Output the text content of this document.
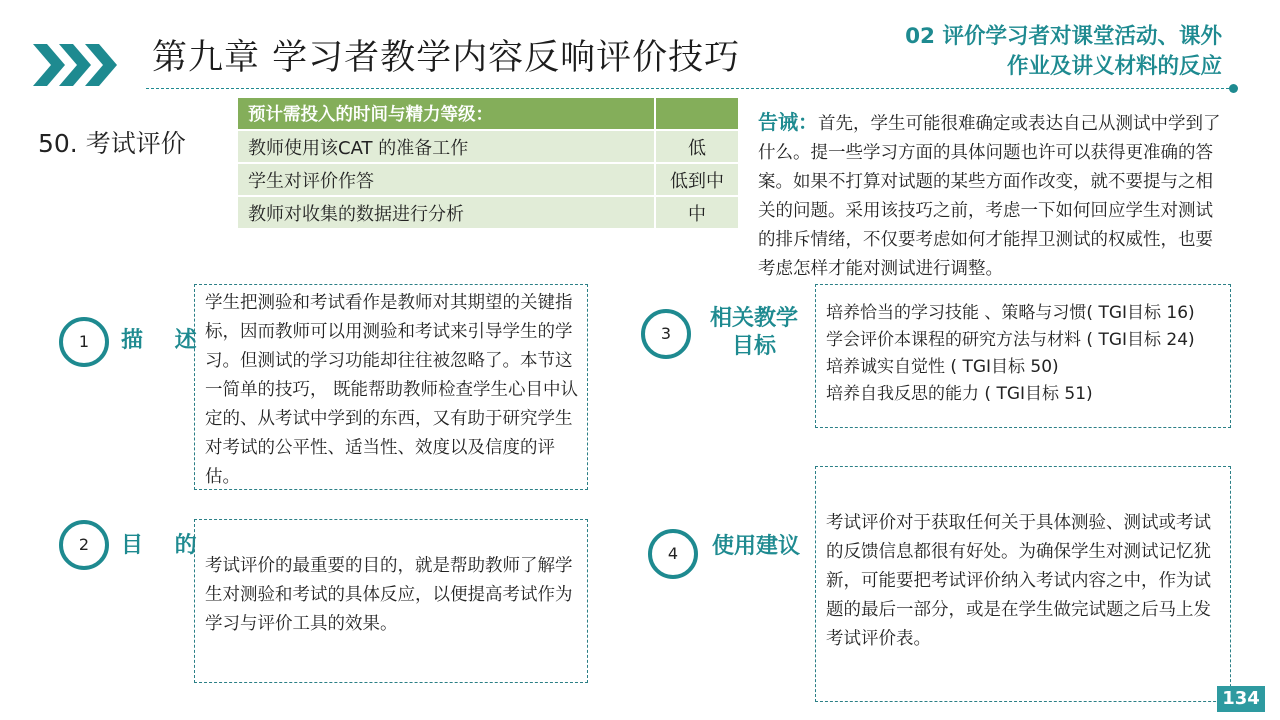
第九章 学习者教学内容反响评价技巧
02 评价学习者对课堂活动、课外
作业及讲义材料的反应
50. 考试评价
预计需投入的时间与精力等级：	
教师使用该CAT 的准备工作	低
学生对评价作答	低到中
教师对收集的数据进行分析	中
告诫：首先，学生可能很难确定或表达自己从测试中学到了什么。提一些学习方面的具体问题也许可以获得更准确的答案。如果不打算对试题的某些方面作改变，就不要提与之相关的问题。采用该技巧之前，考虑一下如何回应学生对测试的排斥情绪，不仅要考虑如何才能捍卫测试的权威性，也要考虑怎样才能对测试进行调整。
1	描 述
学生把测验和考试看作是教师对其期望的关键指标，因而教师可以用测验和考试来引导学生的学习。但测试的学习功能却往往被忽略了。本节这一简单的技巧， 既能帮助教师检查学生心目中认定的、从考试中学到的东西，又有助于研究学生对考试的公平性、适当性、效度以及信度的评估。
2	目 的
考试评价的最重要的目的，就是帮助教师了解学生对测验和考试的具体反应，以便提高考试作为学习与评价工具的效果。
3
相关教学目标
培养恰当的学习技能 、策略与习惯( TGI目标 16)
学会评价本课程的研究方法与材料 ( TGI目标 24)
培养诚实自觉性 ( TGI目标 50)
培养自我反思的能力 ( TGI目标 51)
4	使用建议
考试评价对于获取任何关于具体测验、测试或考试的反馈信息都很有好处。为确保学生对测试记忆犹新，可能要把考试评价纳入考试内容之中，作为试题的最后一部分，或是在学生做完试题之后马上发考试评价表。
134
